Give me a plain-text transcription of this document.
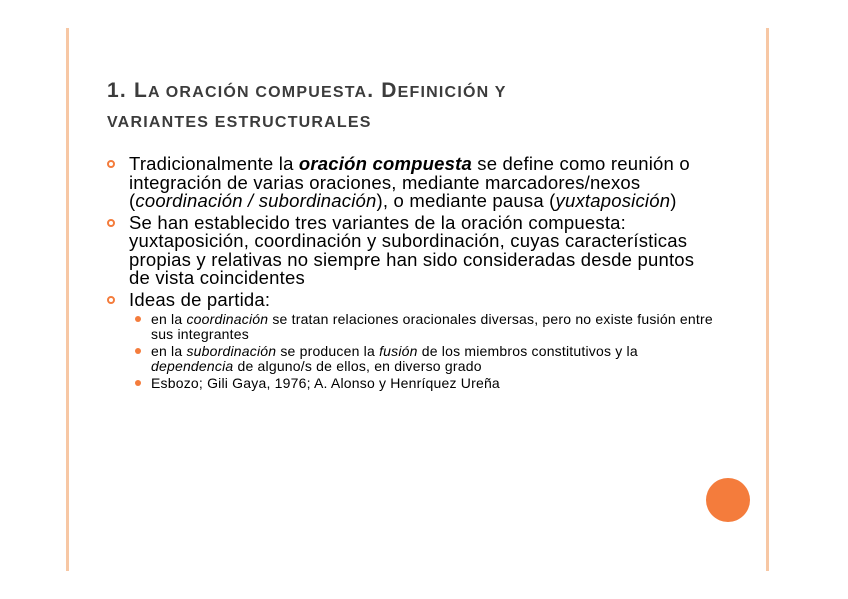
1. LA ORACIÓN COMPUESTA. DEFINICIÓN Y
VARIANTES ESTRUCTURALES
Tradicionalmente la oración compuesta se define como reunión o integración de varias oraciones, mediante marcadores/nexos (coordinación / subordinación), o mediante pausa (yuxtaposición)
Se han establecido tres variantes de la oración compuesta: yuxtaposición, coordinación y subordinación, cuyas características propias y relativas no siempre han sido consideradas desde puntos de vista coincidentes
Ideas de partida:
en la coordinación se tratan relaciones oracionales diversas, pero no existe fusión entre sus integrantes
en la subordinación se producen la fusión de los miembros constitutivos y la dependencia de alguno/s de ellos, en diverso grado
Esbozo; Gili Gaya, 1976; A. Alonso y Henríquez Ureña
